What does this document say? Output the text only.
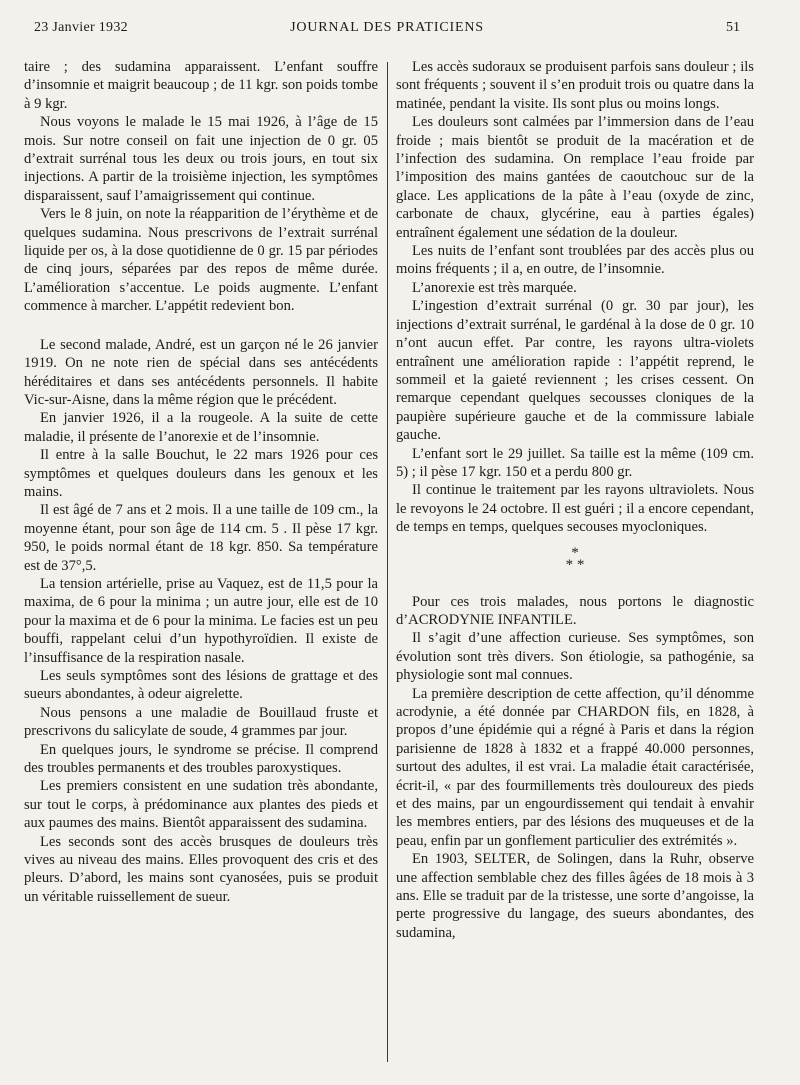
23 Janvier 1932	JOURNAL DES PRATICIENS	51

taire ; des sudamina apparaissent. L’enfant souffre d’insomnie et maigrit beaucoup ; de 11 kgr. son poids tombe à 9 kgr.

Nous voyons le malade le 15 mai 1926, à l’âge de 15 mois. Sur notre conseil on fait une injection de 0 gr. 05 d’extrait surrénal tous les deux ou trois jours, en tout six injections. A partir de la troisième injection, les symptômes disparaissent, sauf l’amaigrissement qui continue.

Vers le 8 juin, on note la réapparition de l’érythème et de quelques sudamina. Nous prescrivons de l’extrait surrénal liquide per os, à la dose quotidienne de 0 gr. 15 par périodes de cinq jours, séparées par des repos de même durée. L’amélioration s’accentue. Le poids augmente. L’enfant commence à marcher. L’appétit redevient bon.

Le second malade, André, est un garçon né le 26 janvier 1919. On ne note rien de spécial dans ses antécédents héréditaires et dans ses antécédents personnels. Il habite Vic-sur-Aisne, dans la même région que le précédent.

En janvier 1926, il a la rougeole. A la suite de cette maladie, il présente de l’anorexie et de l’insomnie.

Il entre à la salle Bouchut, le 22 mars 1926 pour ces symptômes et quelques douleurs dans les genoux et les mains.

Il est âgé de 7 ans et 2 mois. Il a une taille de 109 cm., la moyenne étant, pour son âge de 114 cm. 5 . Il pèse 17 kgr. 950, le poids normal étant de 18 kgr. 850. Sa température est de 37°,5.

La tension artérielle, prise au Vaquez, est de 11,5 pour la maxima, de 6 pour la minima ; un autre jour, elle est de 10 pour la maxima et de 6 pour la minima. Le facies est un peu bouffi, rappelant celui d’un hypothyroïdien. Il existe de l’insuffisance de la respiration nasale.

Les seuls symptômes sont des lésions de grattage et des sueurs abondantes, à odeur aigrelette.

Nous pensons a une maladie de Bouillaud fruste et prescrivons du salicylate de soude, 4 grammes par jour.

En quelques jours, le syndrome se précise. Il comprend des troubles permanents et des troubles paroxystiques.

Les premiers consistent en une sudation très abondante, sur tout le corps, à prédominance aux plantes des pieds et aux paumes des mains. Bientôt apparaissent des sudamina.

Les seconds sont des accès brusques de douleurs très vives au niveau des mains. Elles provoquent des cris et des pleurs. D’abord, les mains sont cyanosées, puis se produit un véritable ruissellement de sueur.

Les accès sudoraux se produisent parfois sans douleur ; ils sont fréquents ; souvent il s’en produit trois ou quatre dans la matinée, pendant la visite. Ils sont plus ou moins longs.

Les douleurs sont calmées par l’immersion dans de l’eau froide ; mais bientôt se produit de la macération et de l’infection des sudamina. On remplace l’eau froide par l’imposition des mains gantées de caoutchouc sur de la glace. Les applications de la pâte à l’eau (oxyde de zinc, carbonate de chaux, glycérine, eau à parties égales) entraînent également une sédation de la douleur.

Les nuits de l’enfant sont troublées par des accès plus ou moins fréquents ; il a, en outre, de l’insomnie.

L’anorexie est très marquée.

L’ingestion d’extrait surrénal (0 gr. 30 par jour), les injections d’extrait surrénal, le gardénal à la dose de 0 gr. 10 n’ont aucun effet. Par contre, les rayons ultra-violets entraînent une amélioration rapide : l’appétit reprend, le sommeil et la gaieté reviennent ; les crises cessent. On remarque cependant quelques secousses cloniques de la paupière supérieure gauche et de la commissure labiale gauche.

L’enfant sort le 29 juillet. Sa taille est la même (109 cm. 5) ; il pèse 17 kgr. 150 et a perdu 800 gr.

Il continue le traitement par les rayons ultraviolets. Nous le revoyons le 24 octobre. Il est guéri ; il a encore cependant, de temps en temps, quelques secouses myocloniques.

*
* *

Pour ces trois malades, nous portons le diagnostic d’ACRODYNIE INFANTILE.

Il s’agit d’une affection curieuse. Ses symptômes, son évolution sont très divers. Son étiologie, sa pathogénie, sa physiologie sont mal connues.

La première description de cette affection, qu’il dénomme acrodynie, a été donnée par CHARDON fils, en 1828, à propos d’une épidémie qui a régné à Paris et dans la région parisienne de 1828 à 1832 et a frappé 40.000 personnes, surtout des adultes, il est vrai. La maladie était caractérisée, écrit-il, « par des fourmillements très douloureux des pieds et des mains, par un engourdissement qui tendait à envahir les membres entiers, par des lésions des muqueuses et de la peau, enfin par un gonflement particulier des extrémités ».

En 1903, SELTER, de Solingen, dans la Ruhr, observe une affection semblable chez des filles âgées de 18 mois à 3 ans. Elle se traduit par de la tristesse, une sorte d’angoisse, la perte progressive du langage, des sueurs abondantes, des sudamina,
